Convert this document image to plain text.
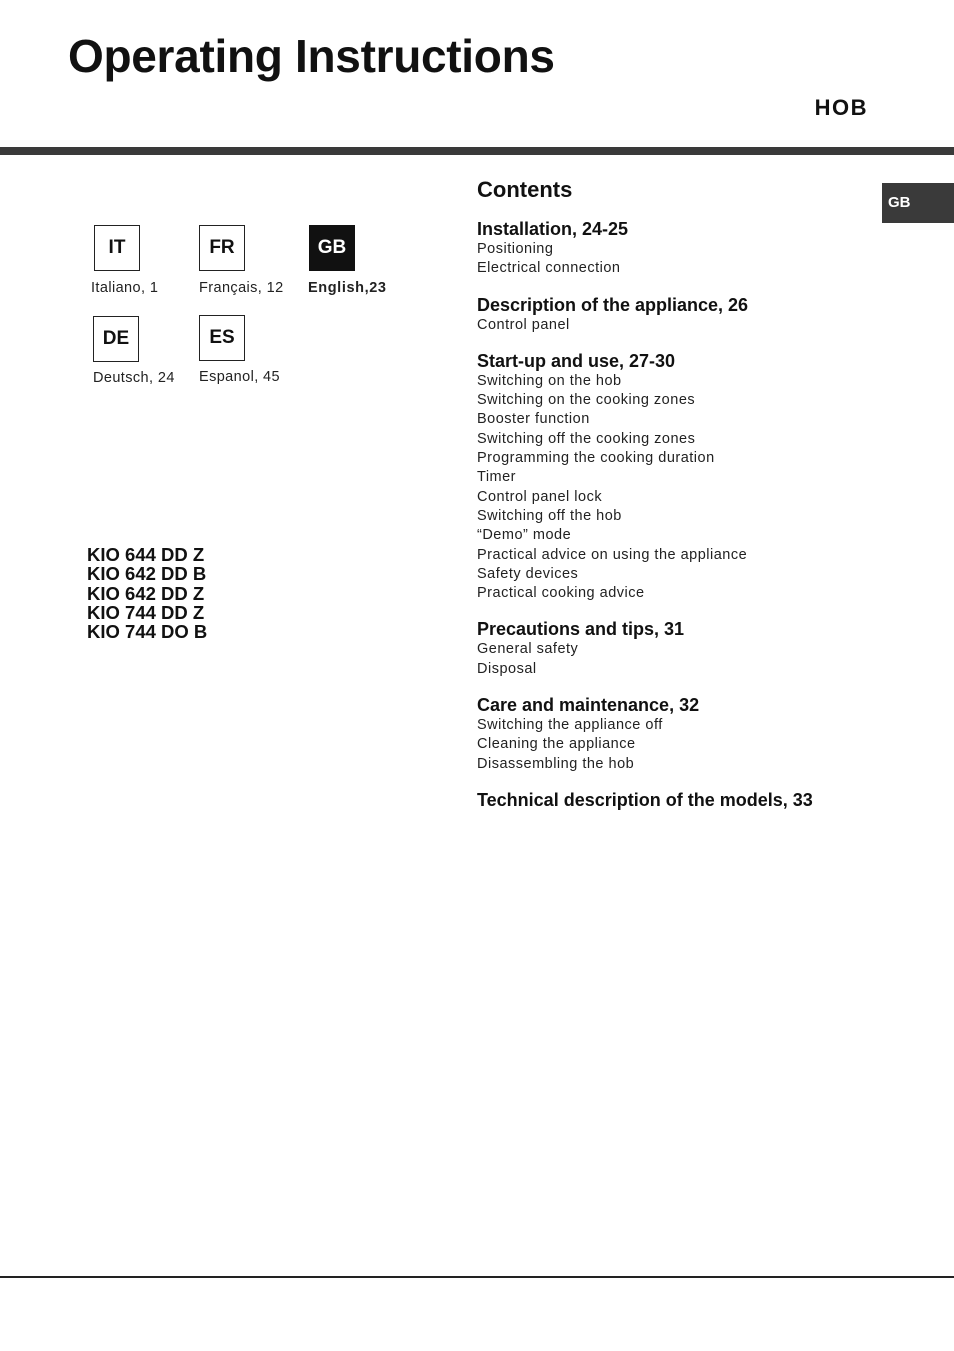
Operating Instructions
HOB
GB
IT
Italiano, 1
FR
Français, 12
GB
English,23
DE
Deutsch, 24
ES
Espanol, 45
KIO 644 DD Z
KIO 642 DD B
KIO 642 DD Z
KIO 744 DD Z
KIO 744 DO B
Contents
Installation, 24-25
Positioning
Electrical connection
Description of the appliance, 26
Control panel
Start-up and use, 27-30
Switching on the hob
Switching on the cooking zones
Booster function
Switching off the cooking zones
Programming the cooking duration
Timer
Control panel lock
Switching off the hob
“Demo” mode
Practical advice on using the appliance
Safety devices
Practical cooking advice
Precautions and tips, 31
General safety
Disposal
Care and maintenance, 32
Switching the appliance off
Cleaning the appliance
Disassembling the hob
Technical description of the models, 33
